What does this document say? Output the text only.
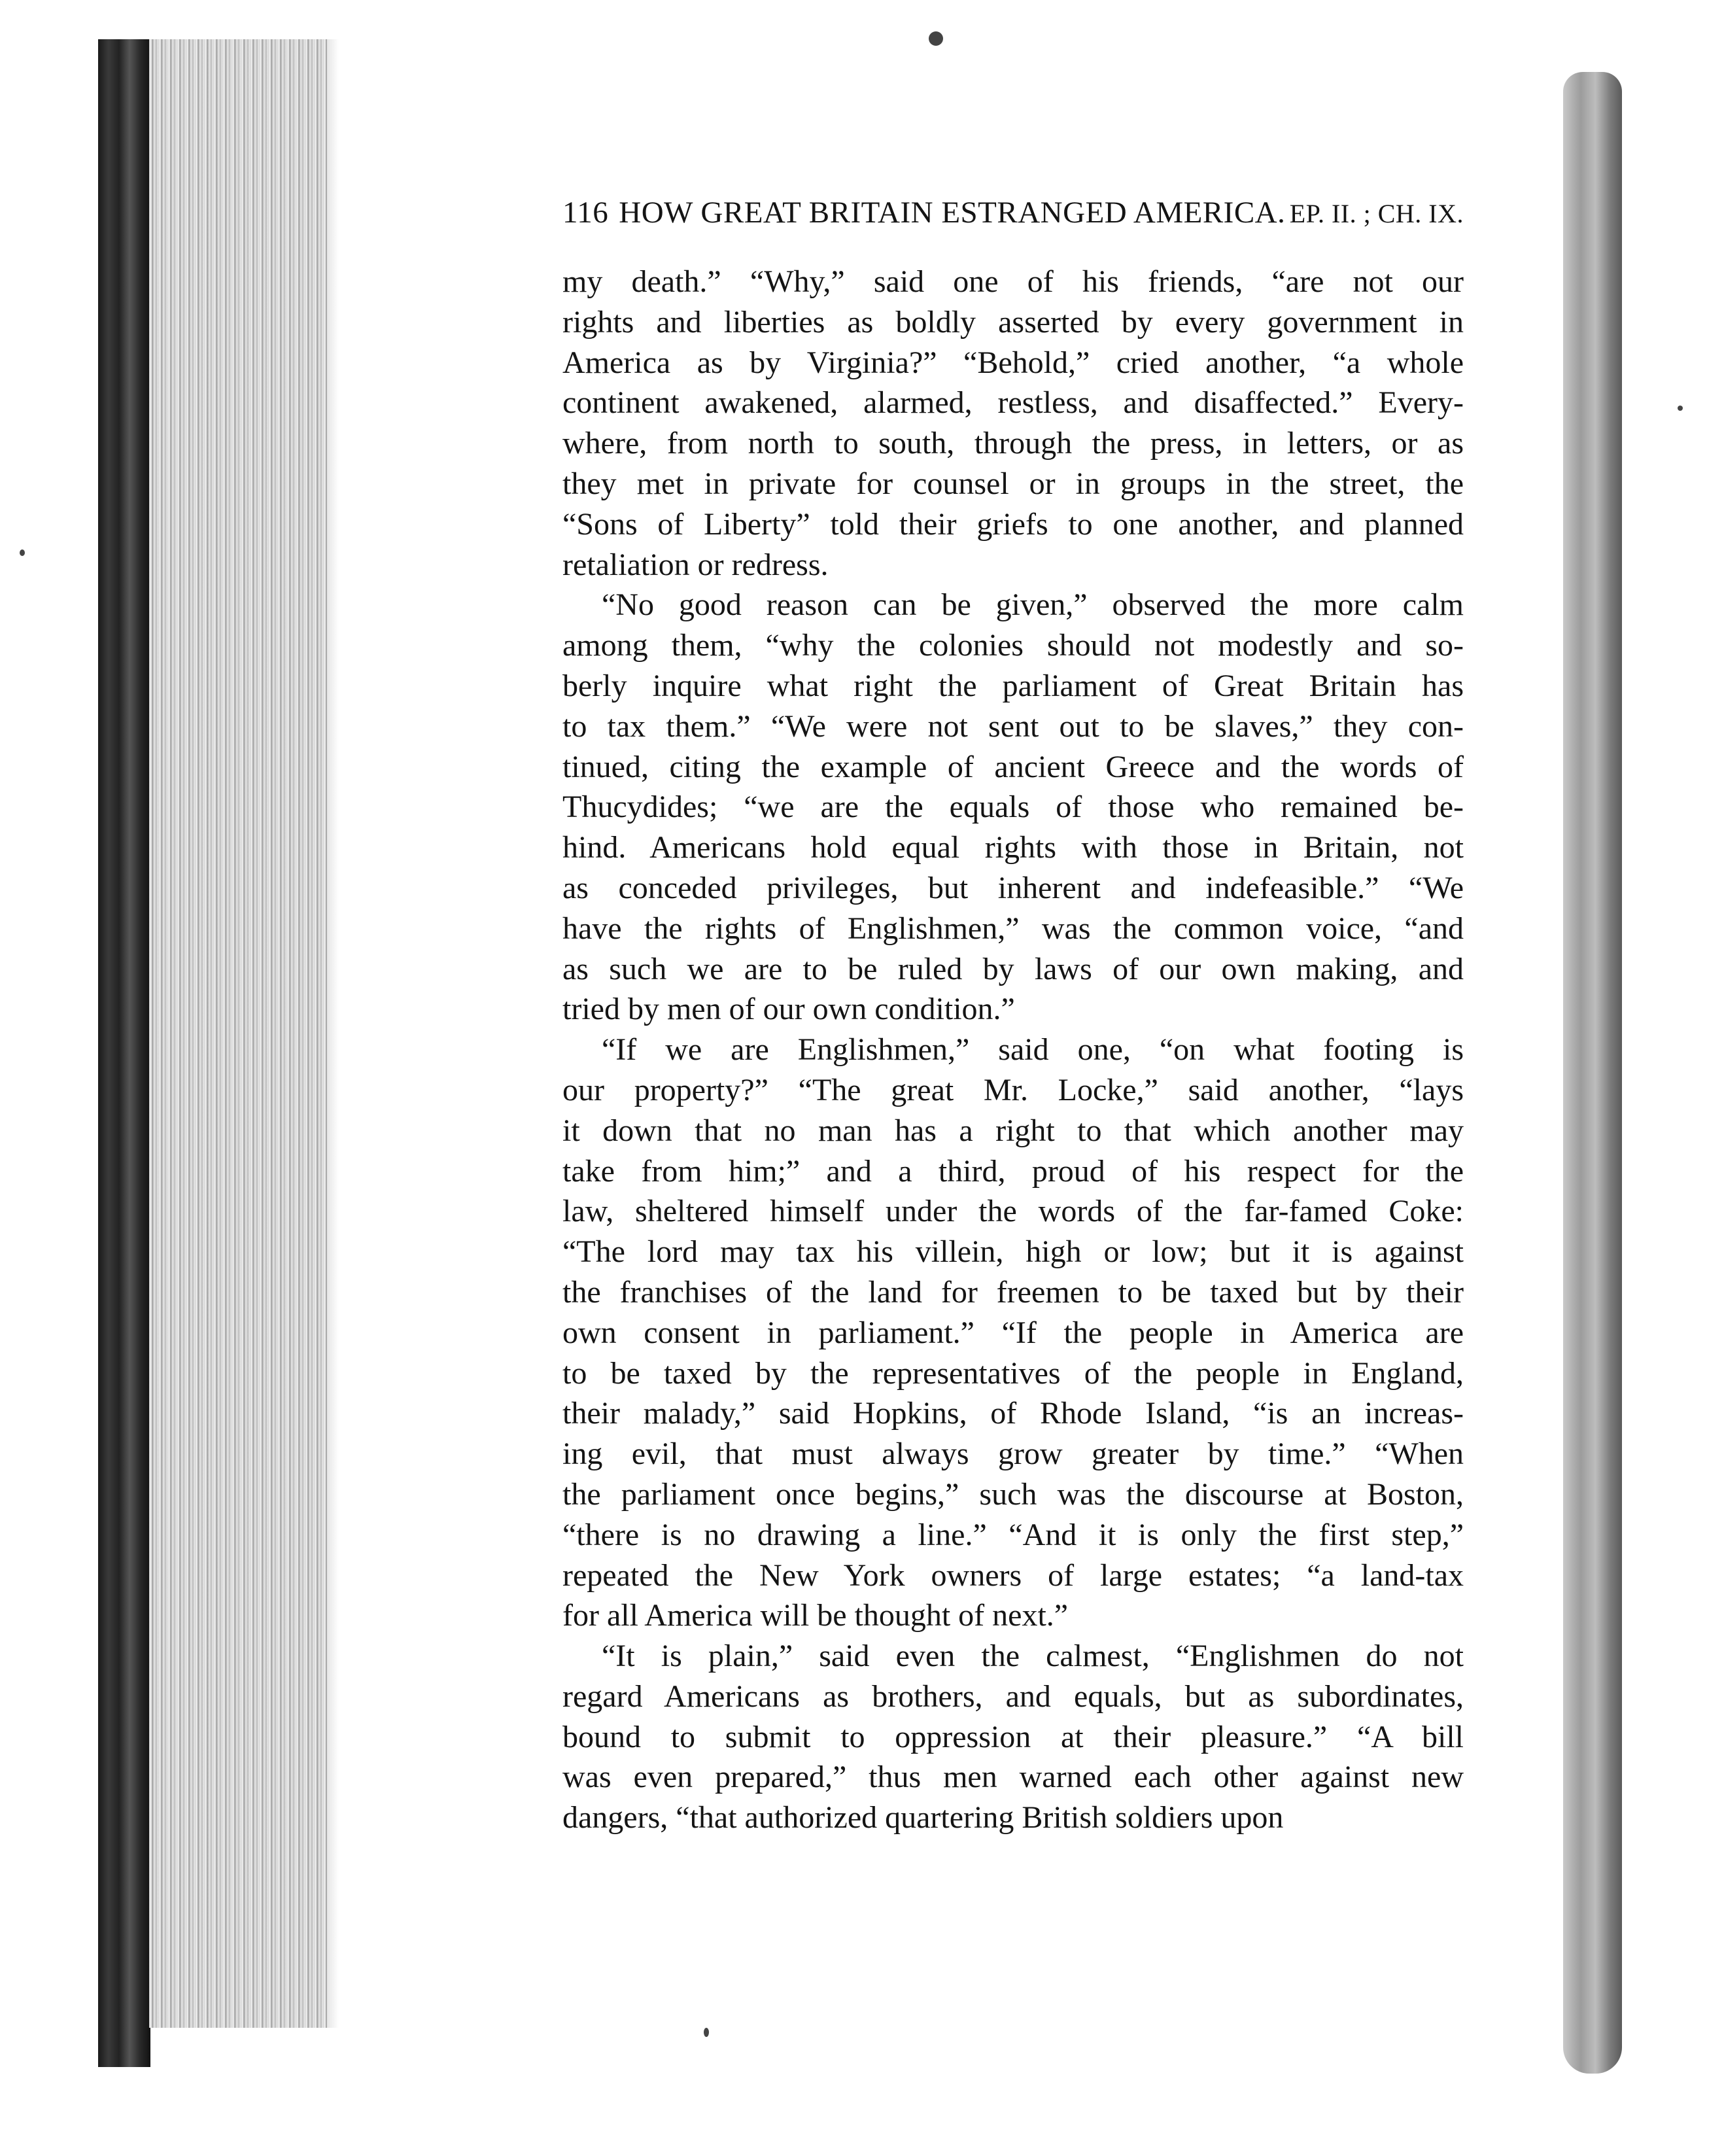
116 HOW GREAT BRITAIN ESTRANGED AMERICA. EP. II. ; CH. IX.

my death.” “Why,” said one of his friends, “are not our
rights and liberties as boldly asserted by every government in
America as by Virginia?” “Behold,” cried another, “a whole
continent awakened, alarmed, restless, and disaffected.” Every-
where, from north to south, through the press, in letters, or as
they met in private for counsel or in groups in the street, the
“Sons of Liberty” told their griefs to one another, and planned
retaliation or redress.

“No good reason can be given,” observed the more calm
among them, “why the colonies should not modestly and so-
berly inquire what right the parliament of Great Britain has
to tax them.” “We were not sent out to be slaves,” they con-
tinued, citing the example of ancient Greece and the words of
Thucydides; “we are the equals of those who remained be-
hind. Americans hold equal rights with those in Britain, not
as conceded privileges, but inherent and indefeasible.” “We
have the rights of Englishmen,” was the common voice, “and
as such we are to be ruled by laws of our own making, and
tried by men of our own condition.”

“If we are Englishmen,” said one, “on what footing is
our property?” “The great Mr. Locke,” said another, “lays
it down that no man has a right to that which another may
take from him;” and a third, proud of his respect for the
law, sheltered himself under the words of the far-famed Coke:
“The lord may tax his villein, high or low; but it is against
the franchises of the land for freemen to be taxed but by their
own consent in parliament.” “If the people in America are
to be taxed by the representatives of the people in England,
their malady,” said Hopkins, of Rhode Island, “is an increas-
ing evil, that must always grow greater by time.” “When
the parliament once begins,” such was the discourse at Boston,
“there is no drawing a line.” “And it is only the first step,”
repeated the New York owners of large estates; “a land-tax
for all America will be thought of next.”

“It is plain,” said even the calmest, “Englishmen do not
regard Americans as brothers, and equals, but as subordinates,
bound to submit to oppression at their pleasure.” “A bill
was even prepared,” thus men warned each other against new
dangers, “that authorized quartering British soldiers upon
